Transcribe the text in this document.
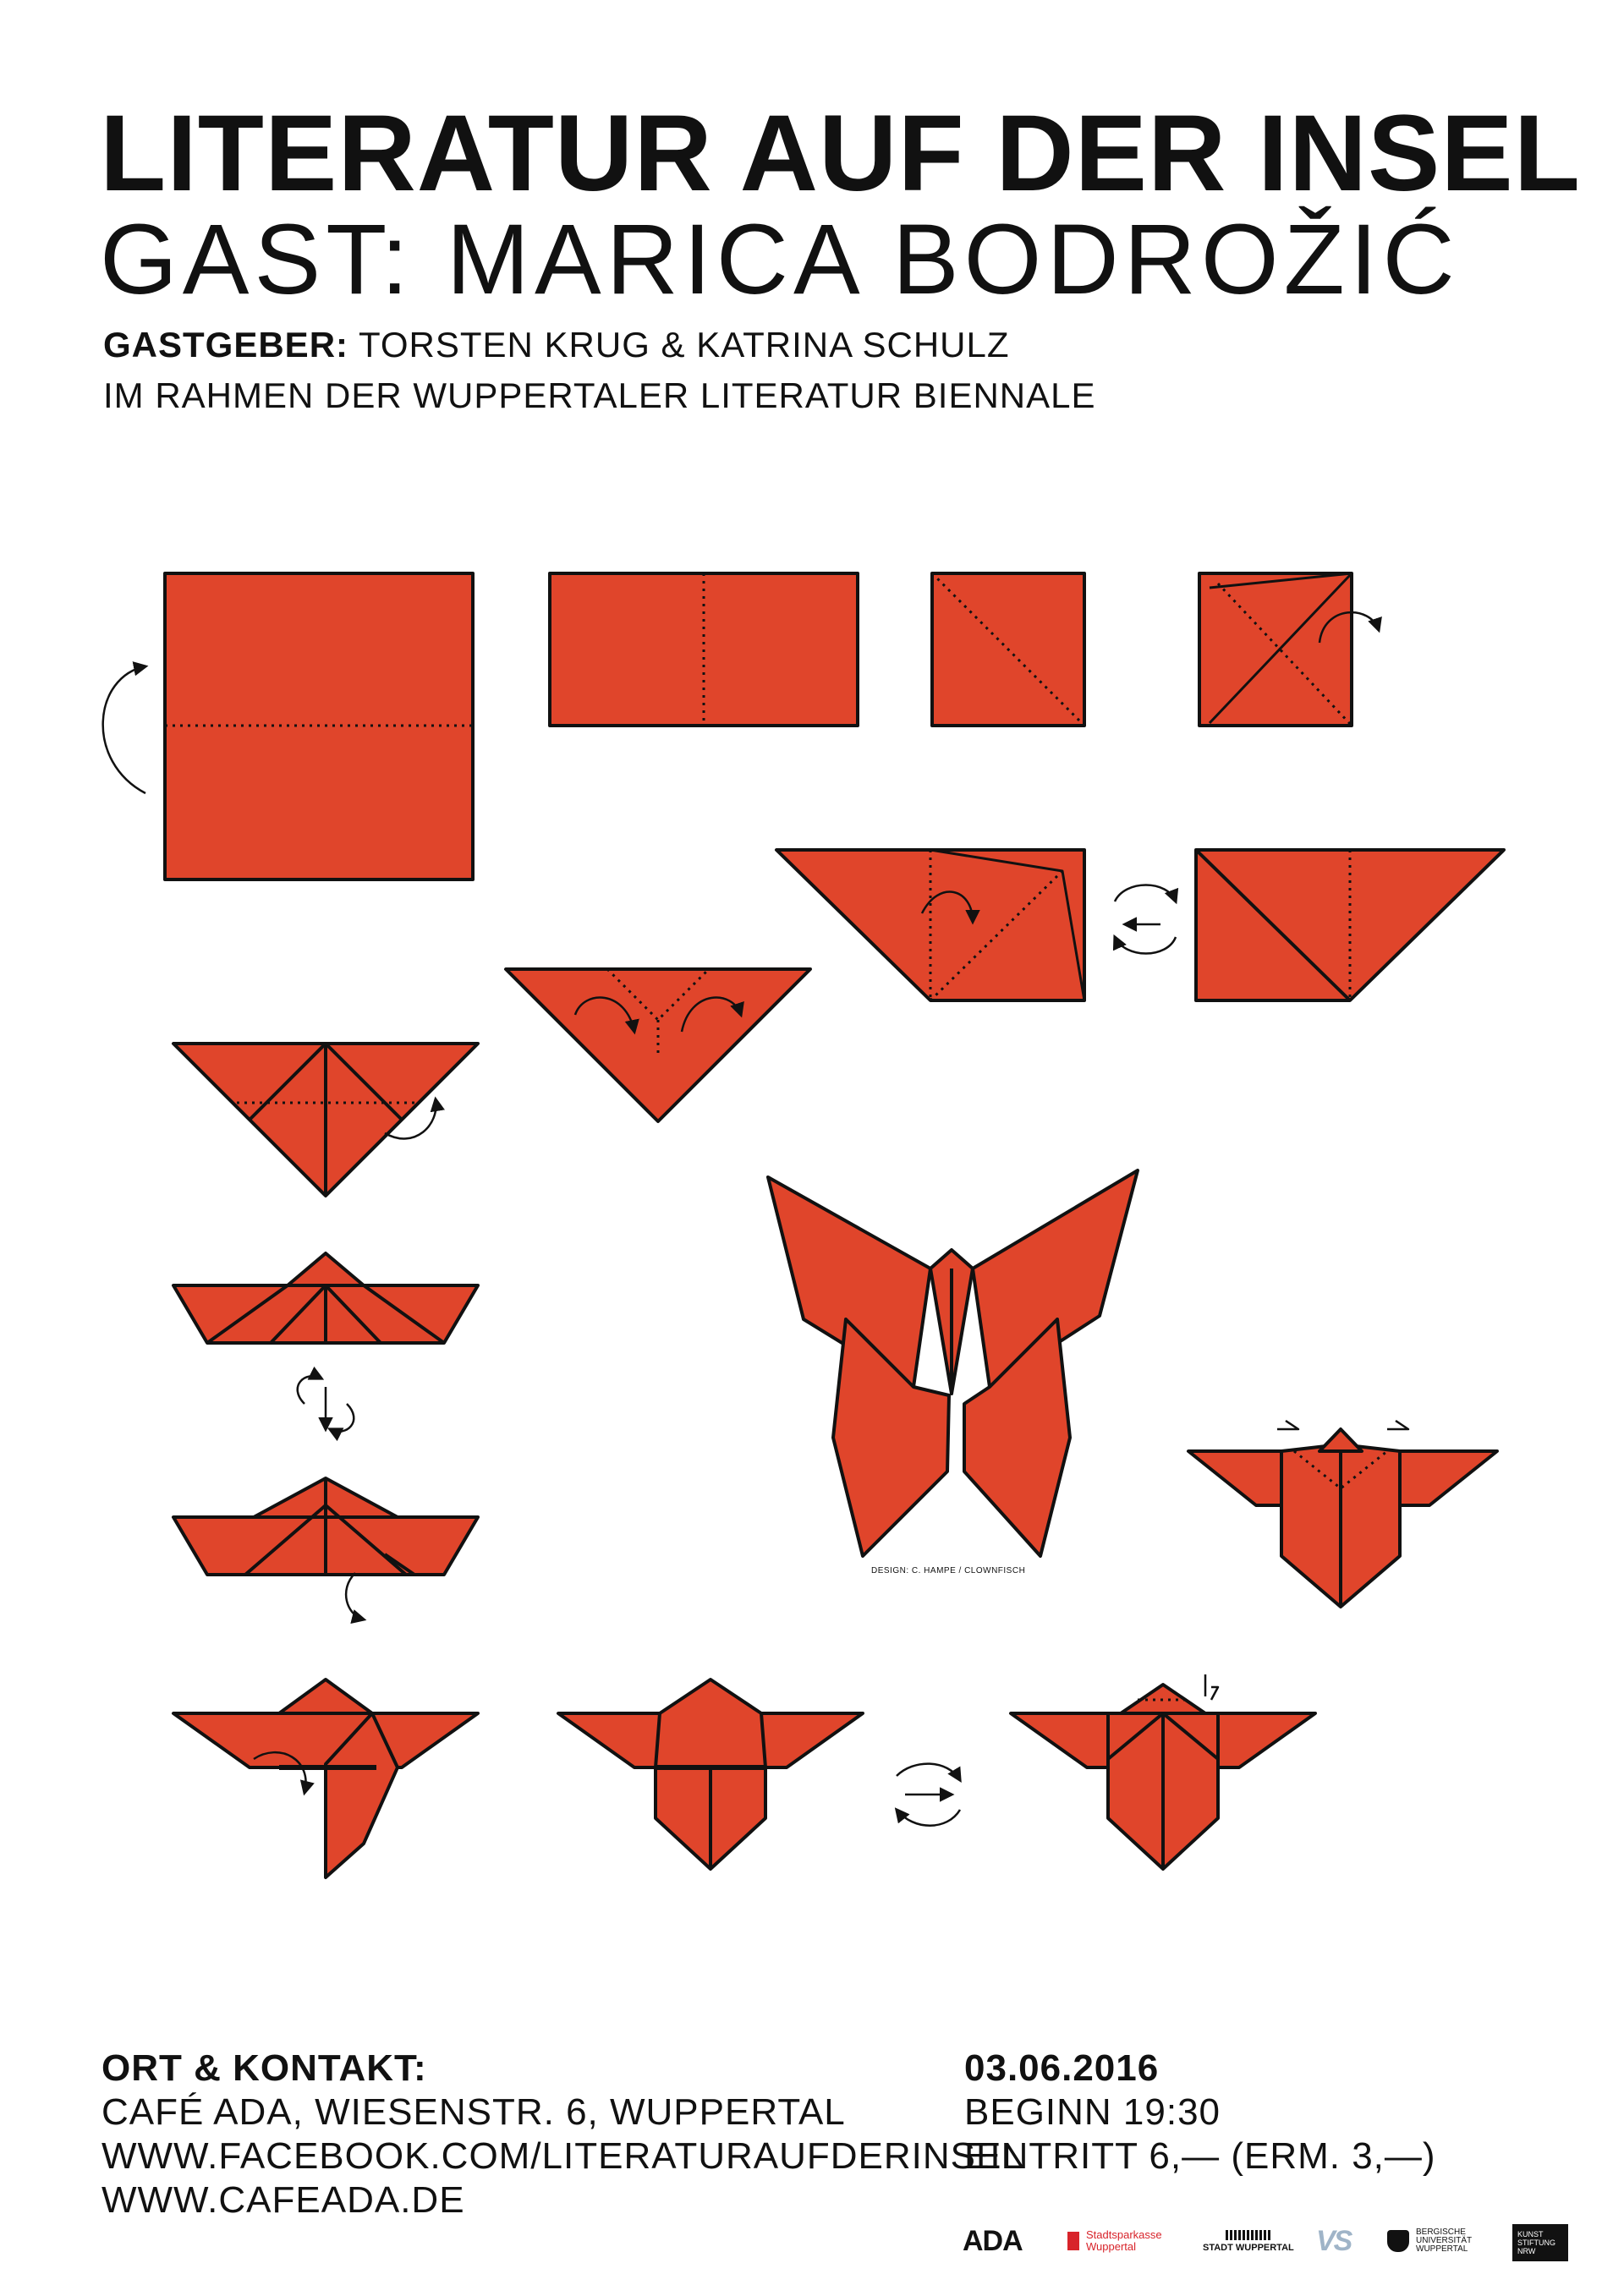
LITERATUR AUF DER INSEL
GAST: MARICA BODROŽIĆ
GASTGEBER: TORSTEN KRUG & KATRINA SCHULZ
IM RAHMEN DER WUPPERTALER LITERATUR BIENNALE
DESIGN: C. HAMPE / CLOWNFISCH
ORT & KONTAKT:
CAFÉ ADA, WIESENSTR. 6, WUPPERTAL
WWW.FACEBOOK.COM/LITERATURAUFDERINSEL
WWW.CAFEADA.DE
03.06.2016
BEGINN 19:30
EINTRITT 6,— (ERM. 3,—)
ADA	Stadtsparkasse
Wuppertal	STADT WUPPERTAL VS	BERGISCHE
UNIVERSITÄT
WUPPERTAL
KUNST
STIFTUNG
NRW
